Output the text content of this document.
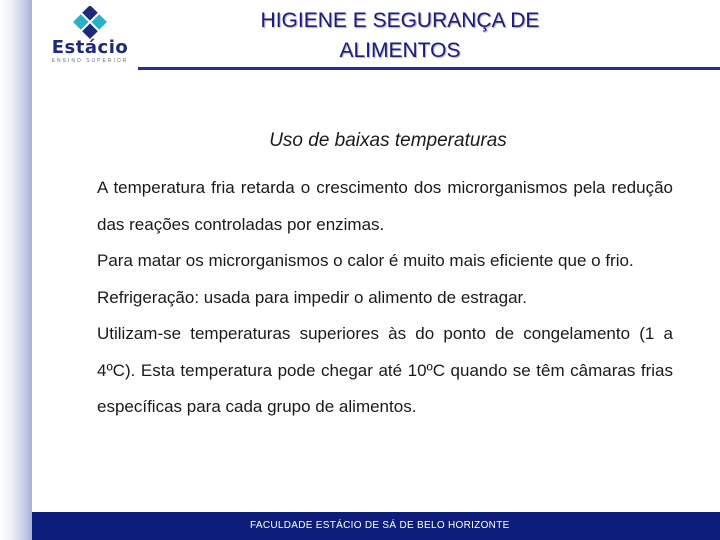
Estácio
ENSINO SUPERIOR
HIGIENE E SEGURANÇA DE
ALIMENTOS
Uso de baixas temperaturas

A temperatura fria retarda o crescimento dos microrganismos pela redução das reações controladas por enzimas.

Para matar os microrganismos o calor é muito mais eficiente que o frio.

Refrigeração: usada para impedir o alimento de estragar.

Utilizam-se temperaturas superiores às do ponto de congelamento (1 a 4ºC). Esta temperatura pode chegar até 10ºC quando se têm câmaras frias específicas para cada grupo de alimentos.

FACULDADE ESTÁCIO DE SÁ DE BELO HORIZONTE
